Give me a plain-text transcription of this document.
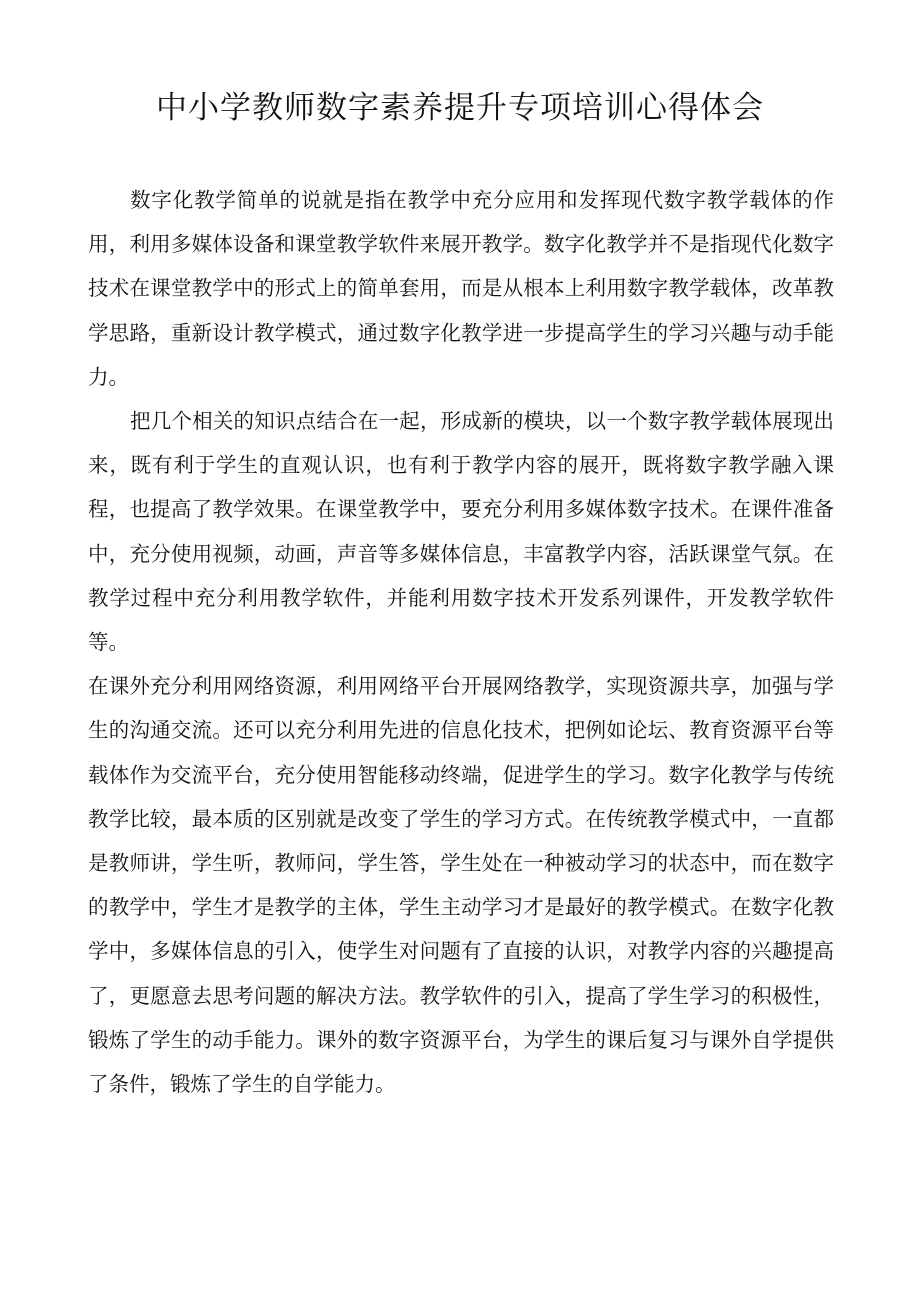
中小学教师数字素养提升专项培训心得体会

数字化教学简单的说就是指在教学中充分应用和发挥现代数字教学载体的作用，利用多媒体设备和课堂教学软件来展开教学。数字化教学并不是指现代化数字技术在课堂教学中的形式上的简单套用，而是从根本上利用数字教学载体，改革教学思路，重新设计教学模式，通过数字化教学进一步提高学生的学习兴趣与动手能力。

把几个相关的知识点结合在一起，形成新的模块，以一个数字教学载体展现出来，既有利于学生的直观认识，也有利于教学内容的展开，既将数字教学融入课程，也提高了教学效果。在课堂教学中，要充分利用多媒体数字技术。在课件准备中，充分使用视频，动画，声音等多媒体信息，丰富教学内容，活跃课堂气氛。在教学过程中充分利用教学软件，并能利用数字技术开发系列课件，开发教学软件等。

在课外充分利用网络资源，利用网络平台开展网络教学，实现资源共享，加强与学生的沟通交流。还可以充分利用先进的信息化技术，把例如论坛、教育资源平台等载体作为交流平台，充分使用智能移动终端，促进学生的学习。数字化教学与传统教学比较，最本质的区别就是改变了学生的学习方式。在传统教学模式中，一直都是教师讲，学生听，教师问，学生答，学生处在一种被动学习的状态中，而在数字的教学中，学生才是教学的主体，学生主动学习才是最好的教学模式。在数字化教学中，多媒体信息的引入，使学生对问题有了直接的认识，对教学内容的兴趣提高了，更愿意去思考问题的解决方法。教学软件的引入，提高了学生学习的积极性，锻炼了学生的动手能力。课外的数字资源平台，为学生的课后复习与课外自学提供了条件，锻炼了学生的自学能力。
